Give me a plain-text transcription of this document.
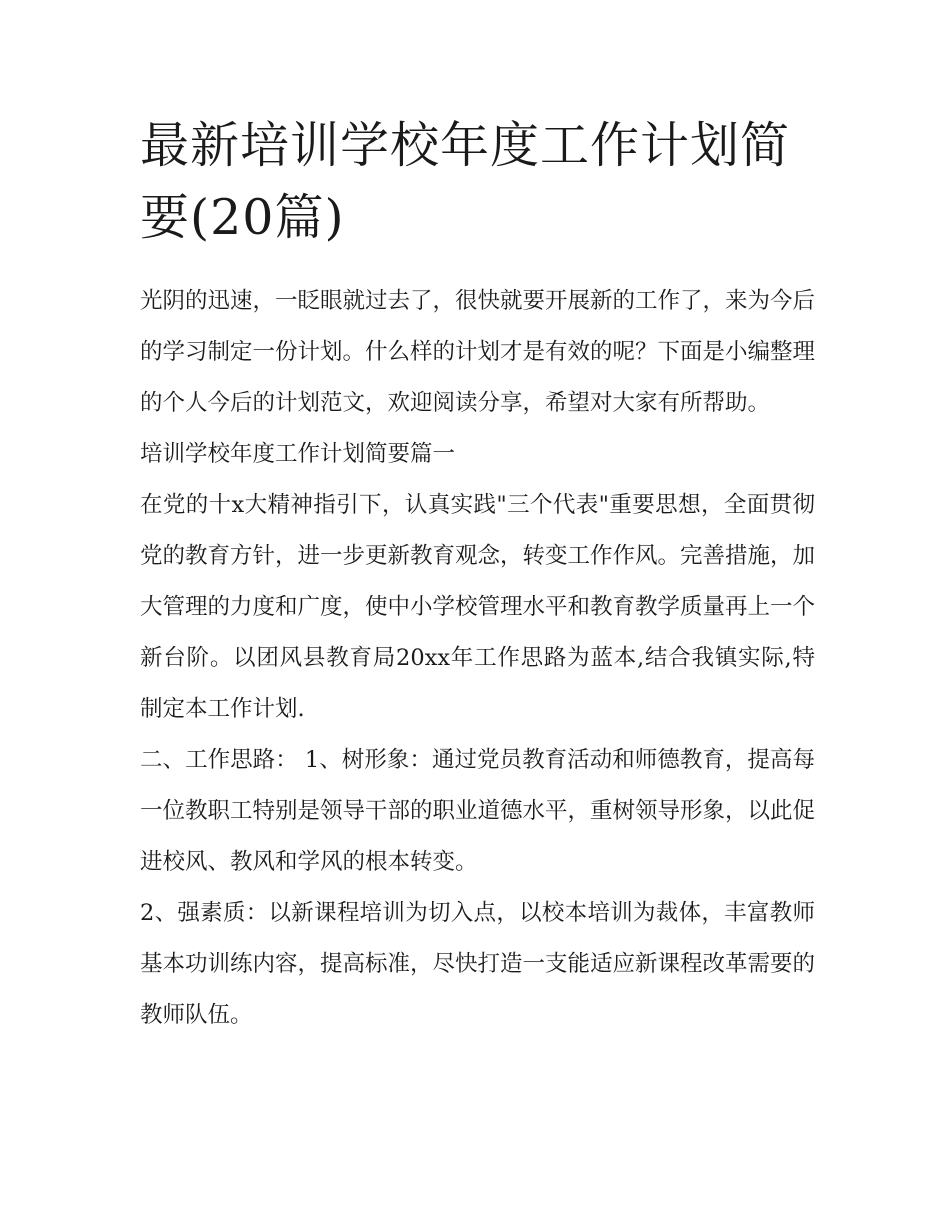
最新培训学校年度工作计划简要(20篇)

光阴的迅速，一眨眼就过去了，很快就要开展新的工作了，来为今后的学习制定一份计划。什么样的计划才是有效的呢？下面是小编整理的个人今后的计划范文，欢迎阅读分享，希望对大家有所帮助。

培训学校年度工作计划简要篇一

在党的十x大精神指引下，认真实践"三个代表"重要思想，全面贯彻党的教育方针，进一步更新教育观念，转变工作作风。完善措施，加大管理的力度和广度，使中小学校管理水平和教育教学质量再上一个新台阶。以团风县教育局20xx年工作思路为蓝本,结合我镇实际,特制定本工作计划.

二、工作思路： 1、树形象：通过党员教育活动和师德教育，提高每一位教职工特别是领导干部的职业道德水平，重树领导形象，以此促进校风、教风和学风的根本转变。

2、强素质：以新课程培训为切入点，以校本培训为裁体，丰富教师基本功训练内容，提高标准，尽快打造一支能适应新课程改革需要的教师队伍。
